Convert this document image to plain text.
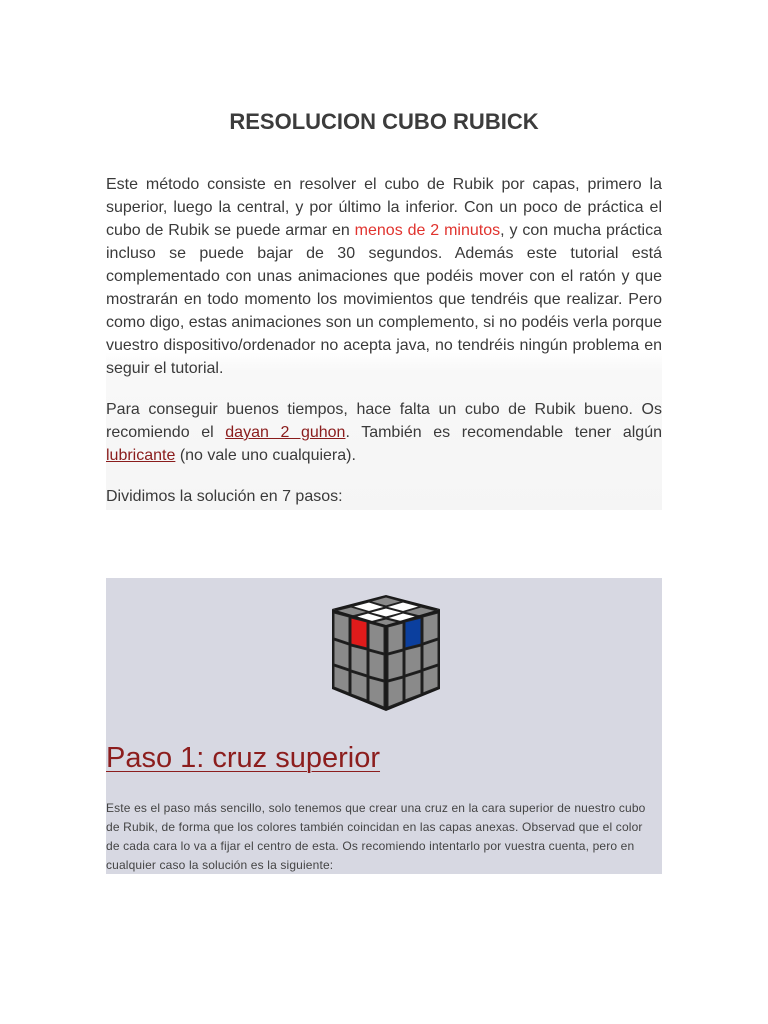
RESOLUCION CUBO RUBICK

Este método consiste en resolver el cubo de Rubik por capas, primero la superior, luego la central, y por último la inferior. Con un poco de práctica el cubo de Rubik se puede armar en menos de 2 minutos, y con mucha práctica incluso se puede bajar de 30 segundos. Además este tutorial está complementado con unas animaciones que podéis mover con el ratón y que mostrarán en todo momento los movimientos que tendréis que realizar. Pero como digo, estas animaciones son un complemento, si no podéis verla porque vuestro dispositivo/ordenador no acepta java, no tendréis ningún problema en seguir el tutorial.

Para conseguir buenos tiempos, hace falta un cubo de Rubik bueno. Os recomiendo el dayan 2 guhon. También es recomendable tener algún lubricante (no vale uno cualquiera).

Dividimos la solución en 7 pasos:

Paso 1: cruz superior

Este es el paso más sencillo, solo tenemos que crear una cruz en la cara superior de nuestro cubo de Rubik, de forma que los colores también coincidan en las capas anexas. Observad que el color de cada cara lo va a fijar el centro de esta. Os recomiendo intentarlo por vuestra cuenta, pero en cualquier caso la solución es la siguiente:
